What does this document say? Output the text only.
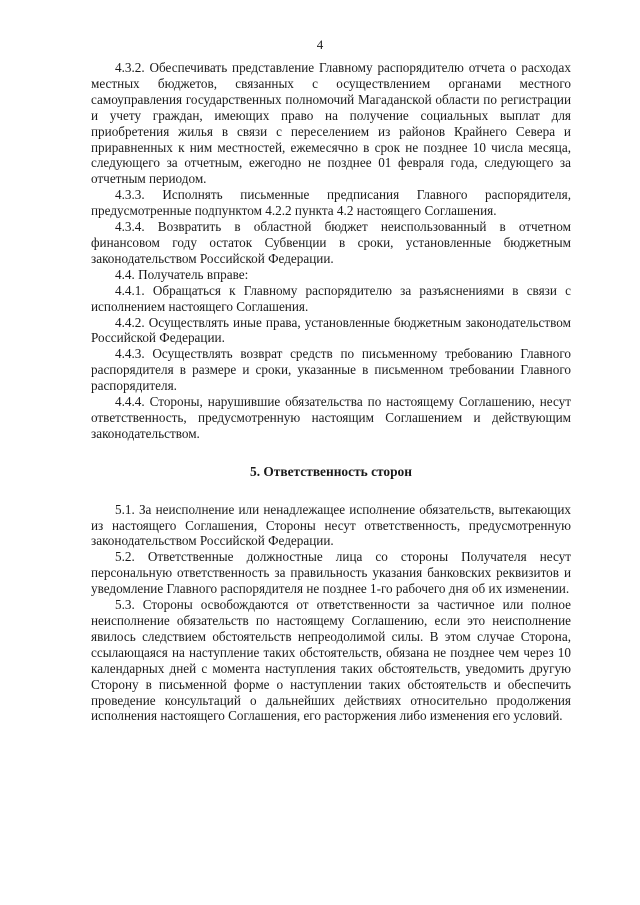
4

4.3.2. Обеспечивать представление Главному распорядителю отчета о расходах местных бюджетов, связанных с осуществлением органами местного самоуправления государственных полномочий Магаданской области по регистрации и учету граждан, имеющих право на получение социальных выплат для приобретения жилья в связи с переселением из районов Крайнего Севера и приравненных к ним местностей, ежемесячно в срок не позднее 10 числа месяца, следующего за отчетным, ежегодно не позднее 01 февраля года, следующего за отчетным периодом.

4.3.3. Исполнять письменные предписания Главного распорядителя, предусмотренные подпунктом 4.2.2 пункта 4.2 настоящего Соглашения.

4.3.4. Возвратить в областной бюджет неиспользованный в отчетном финансовом году остаток Субвенции в сроки, установленные бюджетным законодательством Российской Федерации.

4.4. Получатель вправе:

4.4.1. Обращаться к Главному распорядителю за разъяснениями в связи с исполнением настоящего Соглашения.

4.4.2. Осуществлять иные права, установленные бюджетным законодательством Российской Федерации.

4.4.3. Осуществлять возврат средств по письменному требованию Главного распорядителя в размере и сроки, указанные в письменном требовании Главного распорядителя.

4.4.4. Стороны, нарушившие обязательства по настоящему Соглашению, несут ответственность, предусмотренную настоящим Соглашением и действующим законодательством.

5. Ответственность сторон

5.1. За неисполнение или ненадлежащее исполнение обязательств, вытекающих из настоящего Соглашения, Стороны несут ответственность, предусмотренную законодательством Российской Федерации.

5.2. Ответственные должностные лица со стороны Получателя несут персональную ответственность за правильность указания банковских реквизитов и уведомление Главного распорядителя не позднее 1-го рабочего дня об их изменении.

5.3. Стороны освобождаются от ответственности за частичное или полное неисполнение обязательств по настоящему Соглашению, если это неисполнение явилось следствием обстоятельств непреодолимой силы. В этом случае Сторона, ссылающаяся на наступление таких обстоятельств, обязана не позднее чем через 10 календарных дней с момента наступления таких обстоятельств, уведомить другую Сторону в письменной форме о наступлении таких обстоятельств и обеспечить проведение консультаций о дальнейших действиях относительно продолжения исполнения настоящего Соглашения, его расторжения либо изменения его условий.
